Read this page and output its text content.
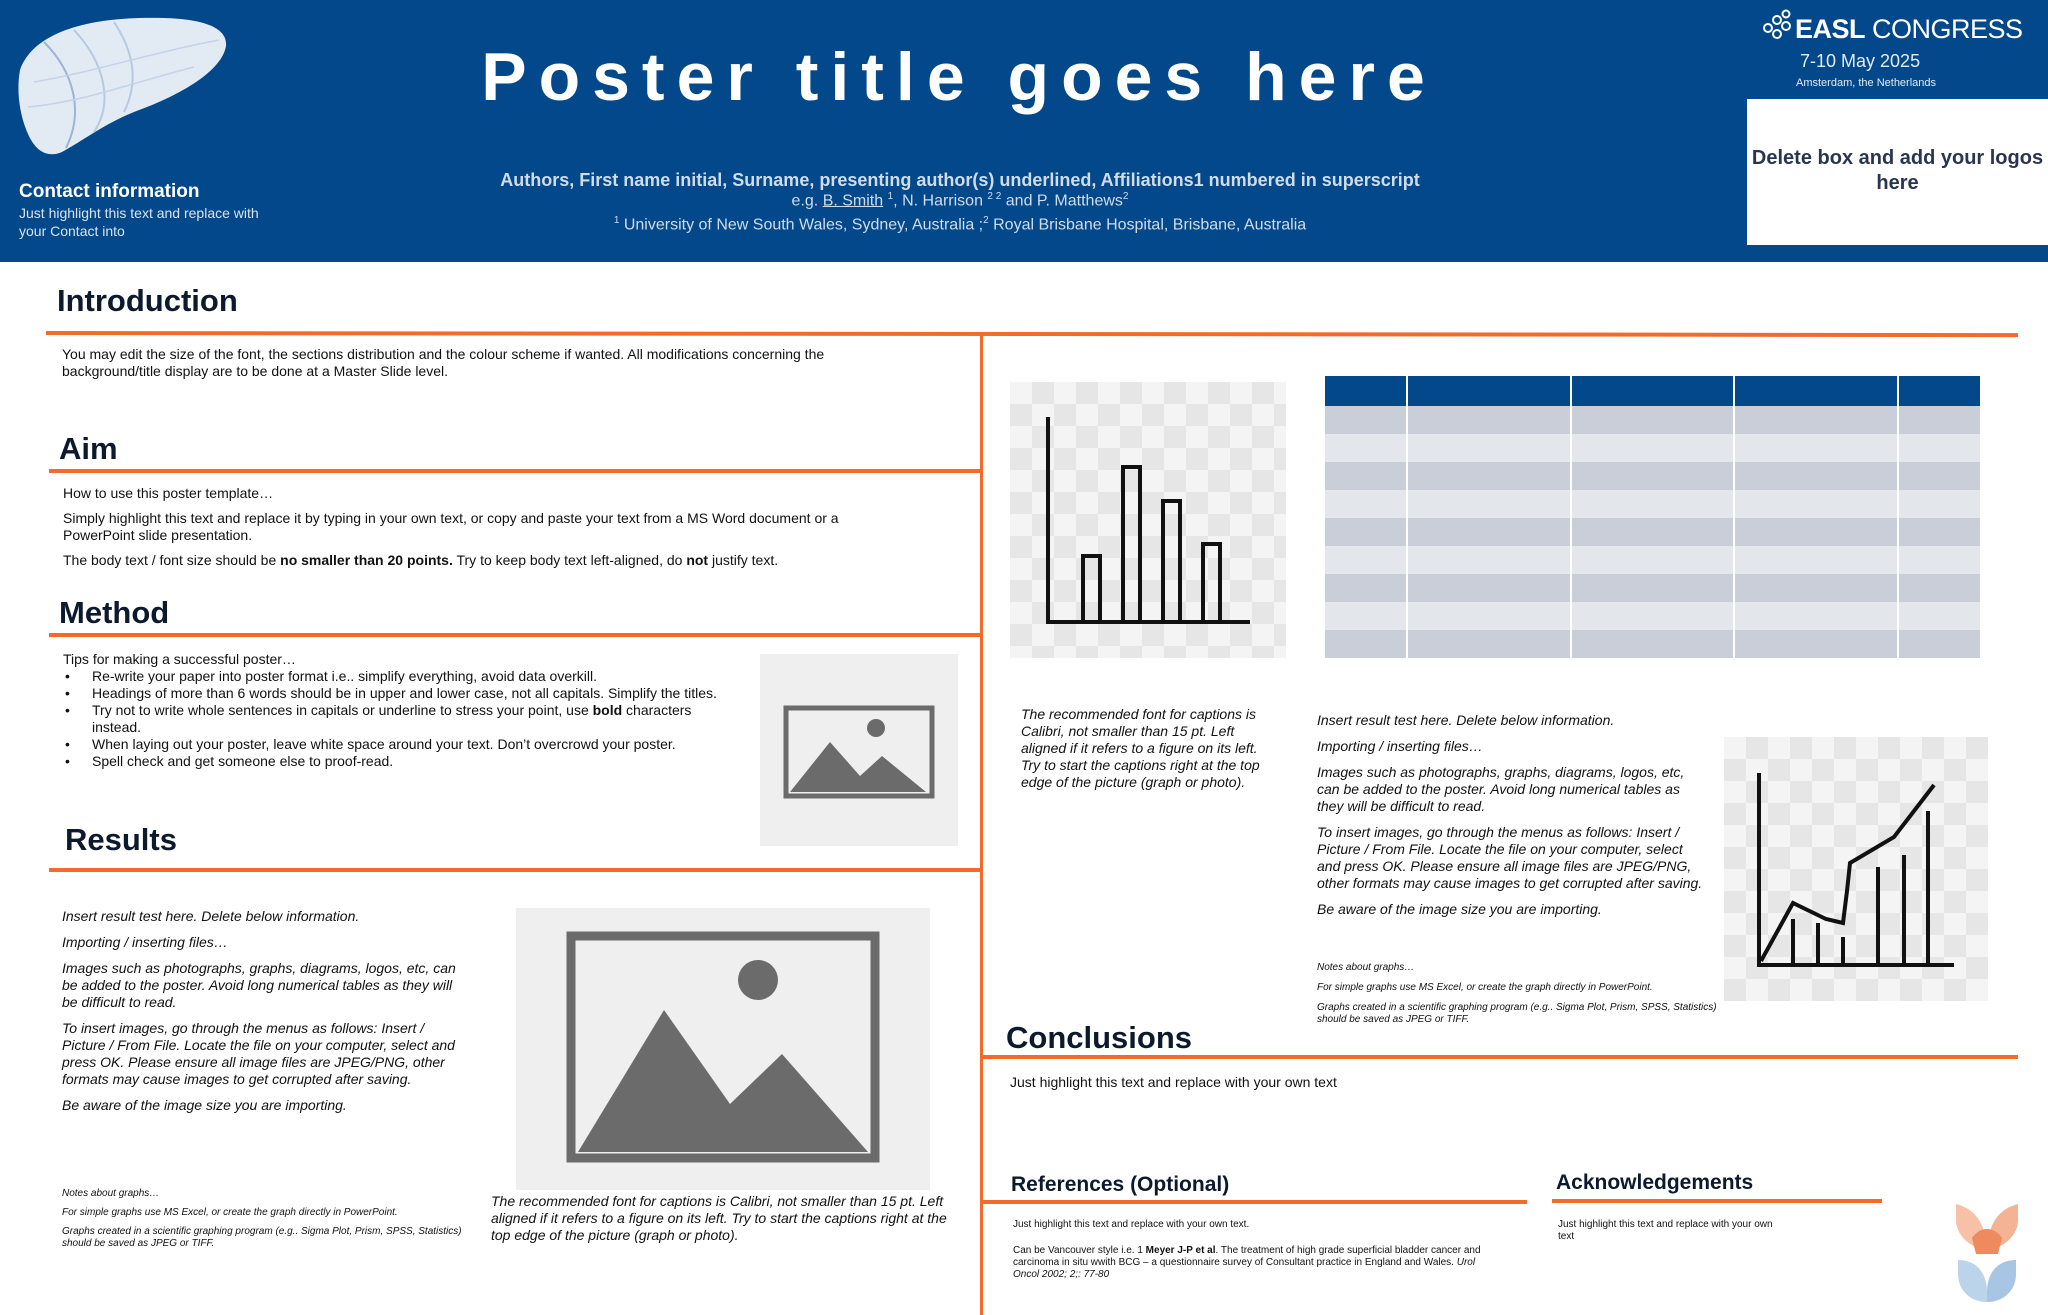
Contact information
Just highlight this text and replace with your Contact into
Poster title goes here
Authors, First name initial, Surname, presenting author(s) underlined, Affiliations1 numbered in superscript
e.g. B. Smith $^1$, N. Harrison $^{2 2}$ and P. Matthews$^2$
$^1$ University of New South Wales, Sydney, Australia ;$^2$ Royal Brisbane Hospital, Brisbane, Australia
EASL CONGRESS
7-10 May 2025
Amsterdam, the Netherlands
Delete box and add your logos here
Introduction
You may edit the size of the font, the sections distribution and the colour scheme if wanted. All modifications concerning the background/title display are to be done at a Master Slide level.
Aim
How to use this poster template…
Simply highlight this text and replace it by typing in your own text, or copy and paste your text from a MS Word document or a PowerPoint slide presentation.
The body text / font size should be no smaller than 20 points. Try to keep body text left-aligned, do not justify text.
Method
Tips for making a successful poster…
• Re-write your paper into poster format i.e.. simplify everything, avoid data overkill.
• Headings of more than 6 words should be in upper and lower case, not all capitals. Simplify the titles.
• Try not to write whole sentences in capitals or underline to stress your point, use bold characters instead.
• When laying out your poster, leave white space around your text. Don’t overcrowd your poster.
• Spell check and get someone else to proof-read.
Results
Insert result test here. Delete below information.
Importing / inserting files…
Images such as photographs, graphs, diagrams, logos, etc, can be added to the poster. Avoid long numerical tables as they will be difficult to read.
To insert images, go through the menus as follows: Insert / Picture / From File. Locate the file on your computer, select and press OK. Please ensure all image files are JPEG/PNG, other formats may cause images to get corrupted after saving.
Be aware of the image size you are importing.
Notes about graphs…
For simple graphs use MS Excel, or create the graph directly in PowerPoint.
Graphs created in a scientific graphing program (e.g.. Sigma Plot, Prism, SPSS, Statistics) should be saved as JPEG or TIFF.
The recommended font for captions is Calibri, not smaller than 15 pt. Left aligned if it refers to a figure on its left. Try to start the captions right at the top edge of the picture (graph or photo).
The recommended font for captions is Calibri, not smaller than 15 pt. Left aligned if it refers to a figure on its left. Try to start the captions right at the top edge of the picture (graph or photo).

Insert result test here. Delete below information.
Importing / inserting files…
Images such as photographs, graphs, diagrams, logos, etc, can be added to the poster. Avoid long numerical tables as they will be difficult to read.
To insert images, go through the menus as follows: Insert / Picture / From File. Locate the file on your computer, select and press OK. Please ensure all image files are JPEG/PNG, other formats may cause images to get corrupted after saving.
Be aware of the image size you are importing.
Notes about graphs…
For simple graphs use MS Excel, or create the graph directly in PowerPoint.
Graphs created in a scientific graphing program (e.g.. Sigma Plot, Prism, SPSS, Statistics) should be saved as JPEG or TIFF.
Conclusions
Just highlight this text and replace with your own text
References (Optional)
Just highlight this text and replace with your own text.
Can be Vancouver style i.e. 1 Meyer J-P et al. The treatment of high grade superficial bladder cancer and carcinoma in situ wwith BCG – a questionnaire survey of Consultant practice in England and Wales. Urol Oncol 2002; 2;: 77-80
Acknowledgements
Just highlight this text and replace with your own text
